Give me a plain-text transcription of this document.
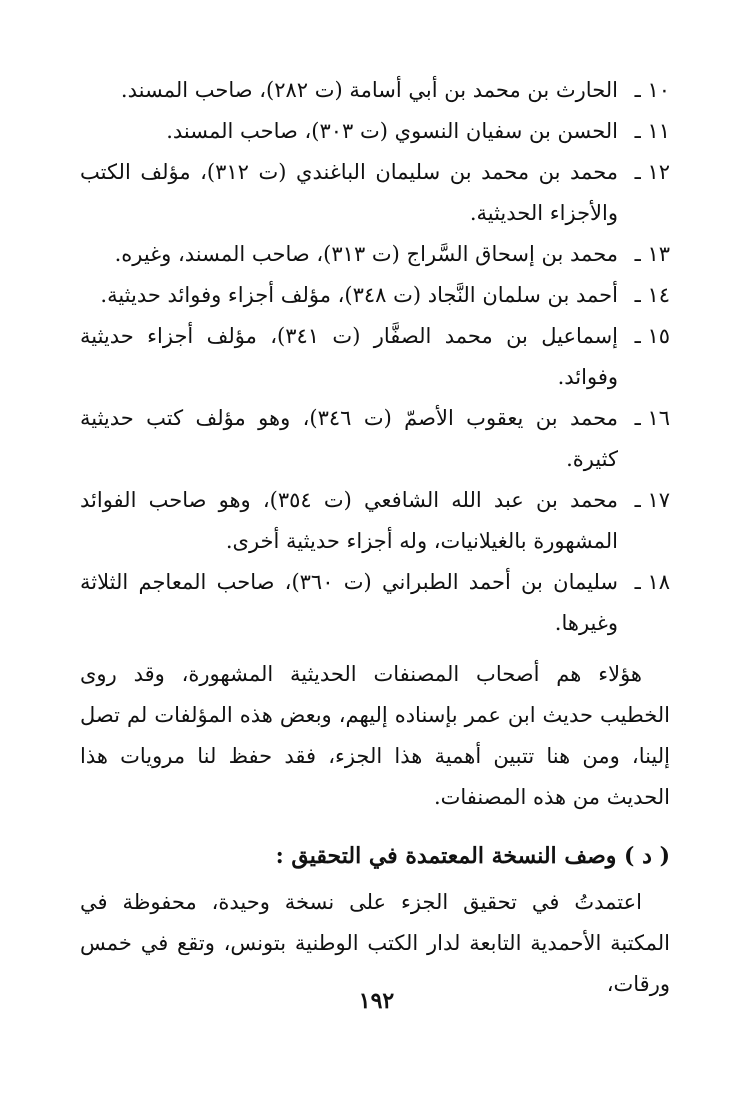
١٠ ـ
الحارث بن محمد بن أبي أسامة (ت ٢٨٢)، صاحب المسند.
١١ ـ
الحسن بن سفيان النسوي (ت ٣٠٣)، صاحب المسند.
١٢ ـ
محمد بن محمد بن سليمان الباغندي (ت ٣١٢)، مؤلف الكتب والأجزاء الحديثية.
١٣ ـ
محمد بن إسحاق السَّراج (ت ٣١٣)، صاحب المسند، وغيره.
١٤ ـ
أحمد بن سلمان النَّجاد (ت ٣٤٨)، مؤلف أجزاء وفوائد حديثية.
١٥ ـ
إسماعيل بن محمد الصفَّار (ت ٣٤١)، مؤلف أجزاء حديثية وفوائد.
١٦ ـ
محمد بن يعقوب الأصمّ (ت ٣٤٦)، وهو مؤلف كتب حديثية كثيرة.
١٧ ـ
محمد بن عبد الله الشافعي (ت ٣٥٤)، وهو صاحب الفوائد المشهورة بالغيلانيات، وله أجزاء حديثية أخرى.
١٨ ـ
سليمان بن أحمد الطبراني (ت ٣٦٠)، صاحب المعاجم الثلاثة وغيرها.
هؤلاء هم أصحاب المصنفات الحديثية المشهورة، وقد روى الخطيب حديث ابن عمر بإسناده إليهم، وبعض هذه المؤلفات لم تصل إلينا، ومن هنا تتبين أهمية هذا الجزء، فقد حفظ لنا مرويات هذا الحديث من هذه المصنفات.
( د ) وصف النسخة المعتمدة في التحقيق :
اعتمدتُ في تحقيق الجزء على نسخة وحيدة، محفوظة في المكتبة الأحمدية التابعة لدار الكتب الوطنية بتونس، وتقع في خمس ورقات،
١٩٢
